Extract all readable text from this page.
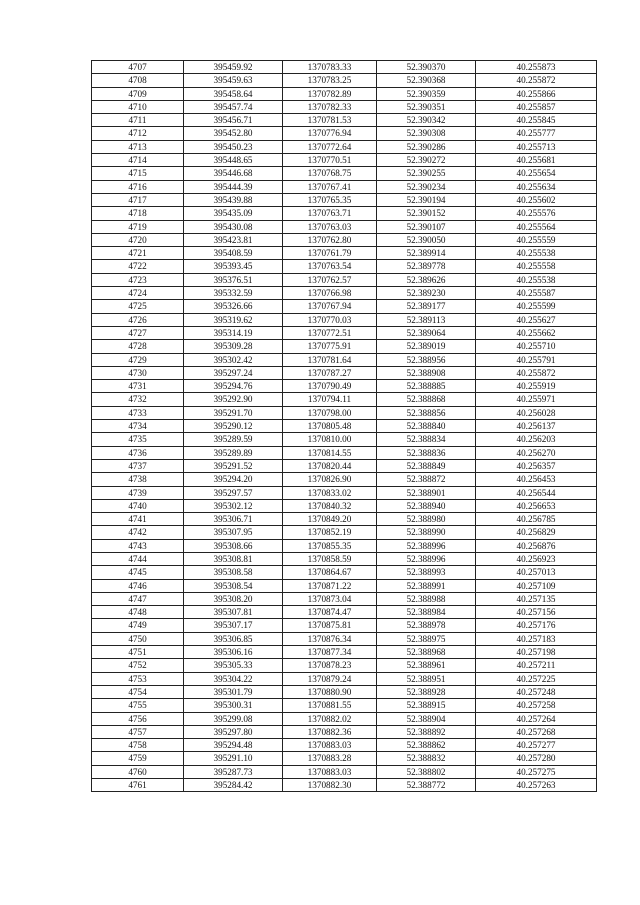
4707	395459.92	1370783.33	52.390370	40.255873
4708	395459.63	1370783.25	52.390368	40.255872
4709	395458.64	1370782.89	52.390359	40.255866
4710	395457.74	1370782.33	52.390351	40.255857
4711	395456.71	1370781.53	52.390342	40.255845
4712	395452.80	1370776.94	52.390308	40.255777
4713	395450.23	1370772.64	52.390286	40.255713
4714	395448.65	1370770.51	52.390272	40.255681
4715	395446.68	1370768.75	52.390255	40.255654
4716	395444.39	1370767.41	52.390234	40.255634
4717	395439.88	1370765.35	52.390194	40.255602
4718	395435.09	1370763.71	52.390152	40.255576
4719	395430.08	1370763.03	52.390107	40.255564
4720	395423.81	1370762.80	52.390050	40.255559
4721	395408.59	1370761.79	52.389914	40.255538
4722	395393.45	1370763.54	52.389778	40.255558
4723	395376.51	1370762.57	52.389626	40.255538
4724	395332.59	1370766.98	52.389230	40.255587
4725	395326.66	1370767.94	52.389177	40.255599
4726	395319.62	1370770.03	52.389113	40.255627
4727	395314.19	1370772.51	52.389064	40.255662
4728	395309.28	1370775.91	52.389019	40.255710
4729	395302.42	1370781.64	52.388956	40.255791
4730	395297.24	1370787.27	52.388908	40.255872
4731	395294.76	1370790.49	52.388885	40.255919
4732	395292.90	1370794.11	52.388868	40.255971
4733	395291.70	1370798.00	52.388856	40.256028
4734	395290.12	1370805.48	52.388840	40.256137
4735	395289.59	1370810.00	52.388834	40.256203
4736	395289.89	1370814.55	52.388836	40.256270
4737	395291.52	1370820.44	52.388849	40.256357
4738	395294.20	1370826.90	52.388872	40.256453
4739	395297.57	1370833.02	52.388901	40.256544
4740	395302.12	1370840.32	52.388940	40.256653
4741	395306.71	1370849.20	52.388980	40.256785
4742	395307.95	1370852.19	52.388990	40.256829
4743	395308.66	1370855.35	52.388996	40.256876
4744	395308.81	1370858.59	52.388996	40.256923
4745	395308.58	1370864.67	52.388993	40.257013
4746	395308.54	1370871.22	52.388991	40.257109
4747	395308.20	1370873.04	52.388988	40.257135
4748	395307.81	1370874.47	52.388984	40.257156
4749	395307.17	1370875.81	52.388978	40.257176
4750	395306.85	1370876.34	52.388975	40.257183
4751	395306.16	1370877.34	52.388968	40.257198
4752	395305.33	1370878.23	52.388961	40.257211
4753	395304.22	1370879.24	52.388951	40.257225
4754	395301.79	1370880.90	52.388928	40.257248
4755	395300.31	1370881.55	52.388915	40.257258
4756	395299.08	1370882.02	52.388904	40.257264
4757	395297.80	1370882.36	52.388892	40.257268
4758	395294.48	1370883.03	52.388862	40.257277
4759	395291.10	1370883.28	52.388832	40.257280
4760	395287.73	1370883.03	52.388802	40.257275
4761	395284.42	1370882.30	52.388772	40.257263
